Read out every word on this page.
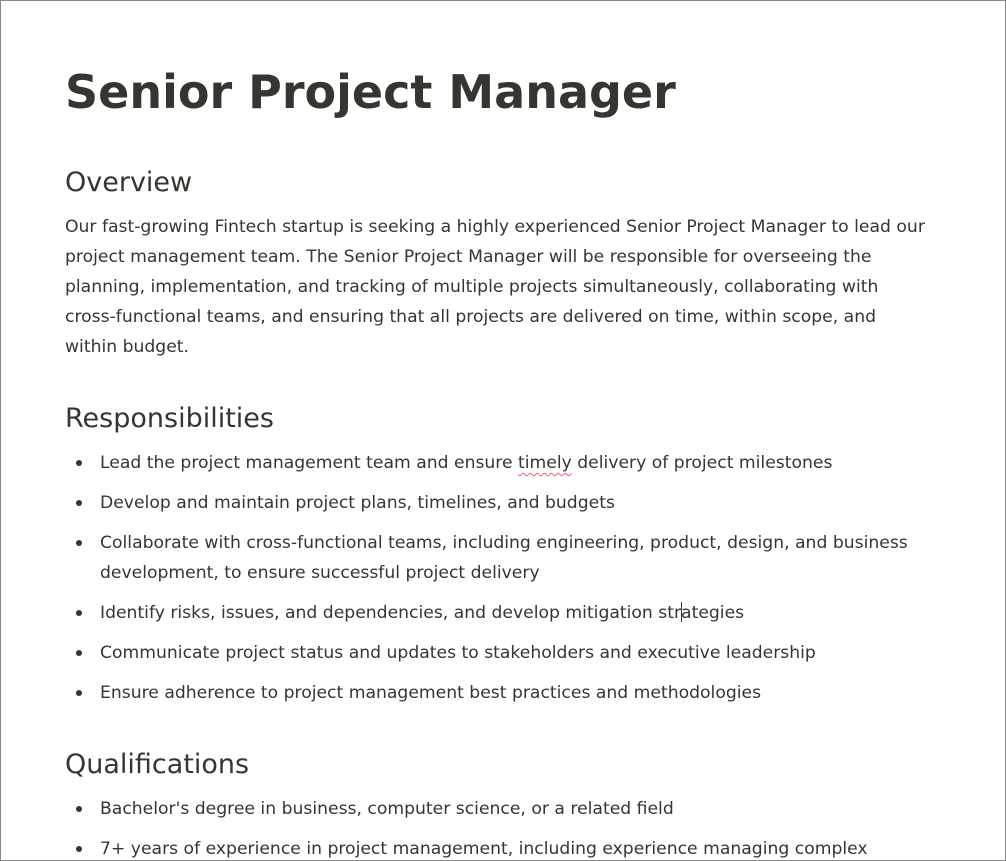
Senior Project Manager
Overview

Our fast-growing Fintech startup is seeking a highly experienced Senior Project Manager to lead our project management team. The Senior Project Manager will be responsible for overseeing the planning, implementation, and tracking of multiple projects simultaneously, collaborating with cross-functional teams, and ensuring that all projects are delivered on time, within scope, and within budget.

Responsibilities
Lead the project management team and ensure timely delivery of project milestones
Develop and maintain project plans, timelines, and budgets
Collaborate with cross-functional teams, including engineering, product, design, and business development, to ensure successful project delivery
Identify risks, issues, and dependencies, and develop mitigation strategies
Communicate project status and updates to stakeholders and executive leadership
Ensure adherence to project management best practices and methodologies
Qualifications
Bachelor's degree in business, computer science, or a related field
7+ years of experience in project management, including experience managing complex
